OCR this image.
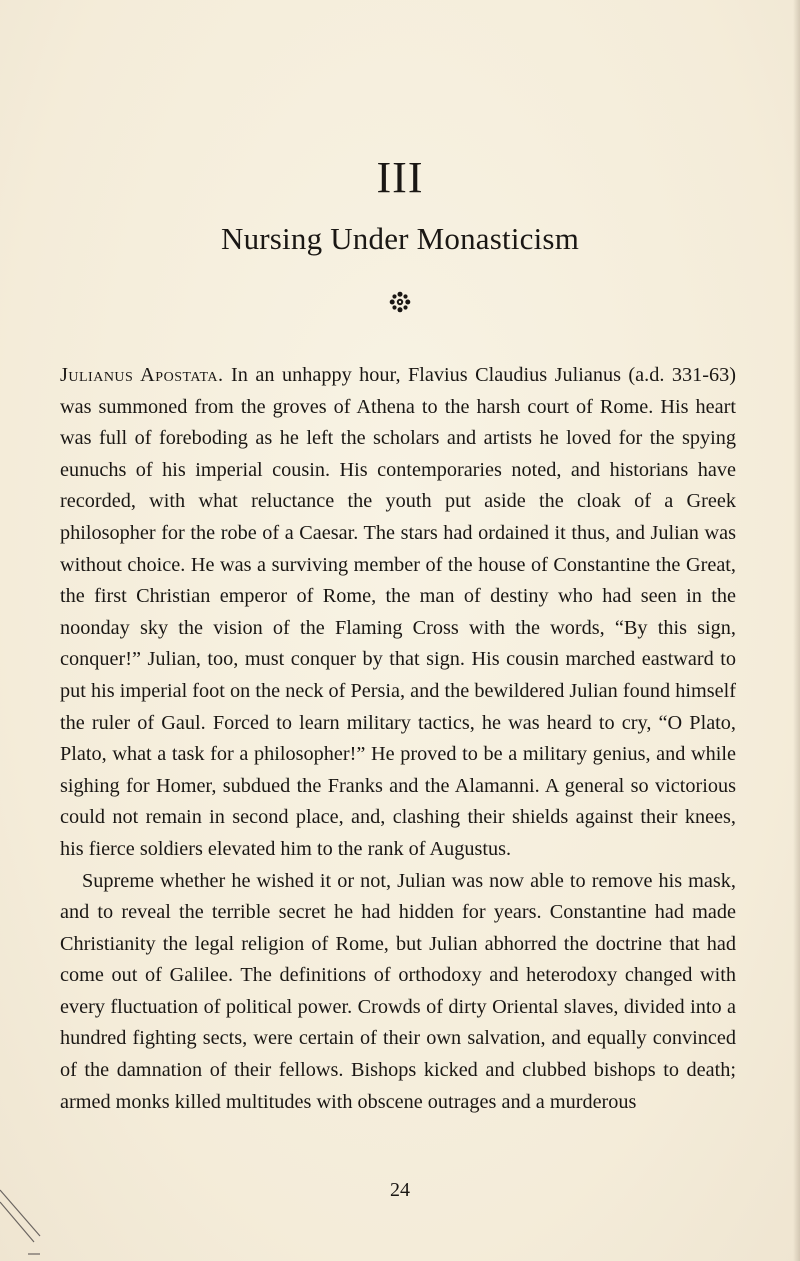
III
Nursing Under Monasticism

Julianus Apostata. In an unhappy hour, Flavius Claudius Julianus (a.d. 331-63) was summoned from the groves of Athena to the harsh court of Rome. His heart was full of foreboding as he left the scholars and artists he loved for the spying eunuchs of his imperial cousin. His contemporaries noted, and historians have recorded, with what reluctance the youth put aside the cloak of a Greek philosopher for the robe of a Caesar. The stars had ordained it thus, and Julian was without choice. He was a surviving member of the house of Constantine the Great, the first Christian emperor of Rome, the man of destiny who had seen in the noonday sky the vision of the Flaming Cross with the words, “By this sign, conquer!” Julian, too, must conquer by that sign. His cousin marched eastward to put his imperial foot on the neck of Persia, and the bewildered Julian found himself the ruler of Gaul. Forced to learn military tactics, he was heard to cry, “O Plato, Plato, what a task for a philosopher!” He proved to be a military genius, and while sighing for Homer, subdued the Franks and the Alamanni. A general so victorious could not remain in second place, and, clashing their shields against their knees, his fierce soldiers elevated him to the rank of Augustus.

Supreme whether he wished it or not, Julian was now able to remove his mask, and to reveal the terrible secret he had hidden for years. Constantine had made Christianity the legal religion of Rome, but Julian abhorred the doctrine that had come out of Galilee. The definitions of orthodoxy and heterodoxy changed with every fluctuation of political power. Crowds of dirty Oriental slaves, divided into a hundred fighting sects, were certain of their own salvation, and equally convinced of the damnation of their fellows. Bishops kicked and clubbed bishops to death; armed monks killed multitudes with obscene outrages and a murderous

24
